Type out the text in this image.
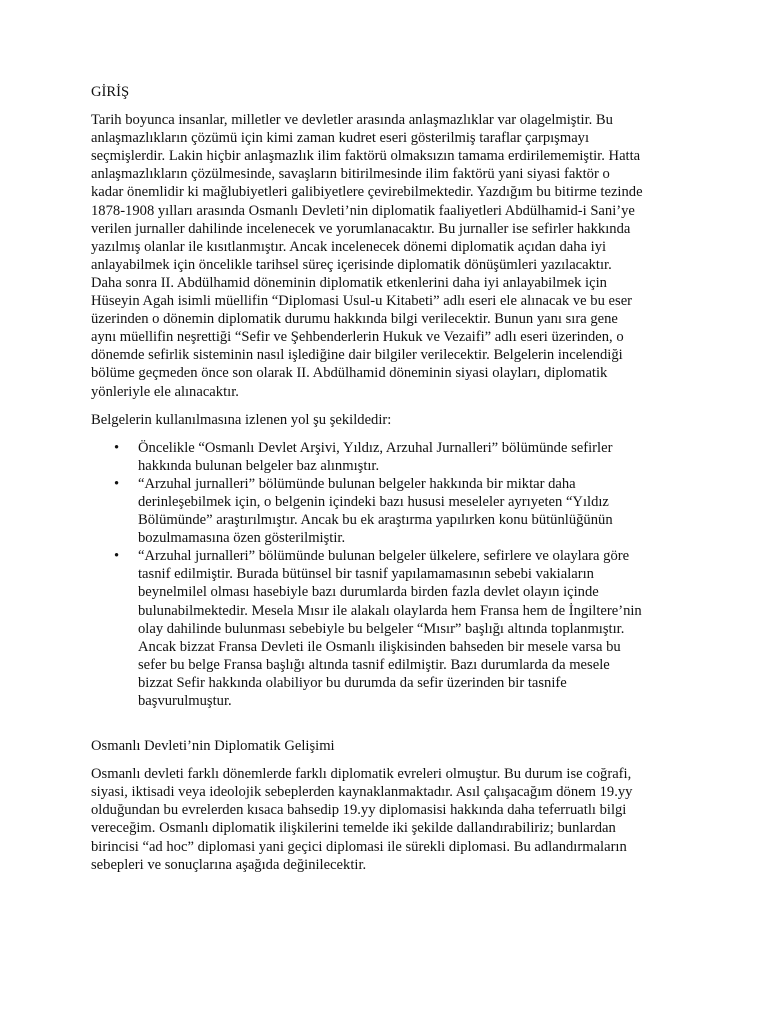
GİRİŞ
Tarih boyunca insanlar, milletler ve devletler arasında anlaşmazlıklar var olagelmiştir. Bu
anlaşmazlıkların çözümü için kimi zaman kudret eseri gösterilmiş taraflar çarpışmayı
seçmişlerdir. Lakin hiçbir anlaşmazlık ilim faktörü olmaksızın tamama erdirilememiştir. Hatta
anlaşmazlıkların çözülmesinde, savaşların bitirilmesinde ilim faktörü yani siyasi faktör o
kadar önemlidir ki mağlubiyetleri galibiyetlere çevirebilmektedir. Yazdığım bu bitirme tezinde
1878-1908 yılları arasında Osmanlı Devleti’nin diplomatik faaliyetleri Abdülhamid-i Sani’ye
verilen jurnaller dahilinde incelenecek ve yorumlanacaktır. Bu jurnaller ise sefirler hakkında
yazılmış olanlar ile kısıtlanmıştır. Ancak incelenecek dönemi diplomatik açıdan daha iyi
anlayabilmek için öncelikle tarihsel süreç içerisinde diplomatik dönüşümleri yazılacaktır.
Daha sonra II. Abdülhamid döneminin diplomatik etkenlerini daha iyi anlayabilmek için
Hüseyin Agah isimli müellifin “Diplomasi Usul-u Kitabeti” adlı eseri ele alınacak ve bu eser
üzerinden o dönemin diplomatik durumu hakkında bilgi verilecektir. Bunun yanı sıra gene
aynı müellifin neşrettiği “Sefir ve Şehbenderlerin Hukuk ve Vezaifi” adlı eseri üzerinden, o
dönemde sefirlik sisteminin nasıl işlediğine dair bilgiler verilecektir. Belgelerin incelendiği
bölüme geçmeden önce son olarak II. Abdülhamid döneminin siyasi olayları, diplomatik
yönleriyle ele alınacaktır.
Belgelerin kullanılmasına izlenen yol şu şekildedir:
• Öncelikle “Osmanlı Devlet Arşivi, Yıldız, Arzuhal Jurnalleri” bölümünde sefirler
hakkında bulunan belgeler baz alınmıştır.
• “Arzuhal jurnalleri” bölümünde bulunan belgeler hakkında bir miktar daha
derinleşebilmek için, o belgenin içindeki bazı hususi meseleler ayrıyeten “Yıldız
Bölümünde” araştırılmıştır. Ancak bu ek araştırma yapılırken konu bütünlüğünün
bozulmamasına özen gösterilmiştir.
• “Arzuhal jurnalleri” bölümünde bulunan belgeler ülkelere, sefirlere ve olaylara göre
tasnif edilmiştir. Burada bütünsel bir tasnif yapılamamasının sebebi vakiaların
beynelmilel olması hasebiyle bazı durumlarda birden fazla devlet olayın içinde
bulunabilmektedir. Mesela Mısır ile alakalı olaylarda hem Fransa hem de İngiltere’nin
olay dahilinde bulunması sebebiyle bu belgeler “Mısır” başlığı altında toplanmıştır.
Ancak bizzat Fransa Devleti ile Osmanlı ilişkisinden bahseden bir mesele varsa bu
sefer bu belge Fransa başlığı altında tasnif edilmiştir. Bazı durumlarda da mesele
bizzat Sefir hakkında olabiliyor bu durumda da sefir üzerinden bir tasnife
başvurulmuştur.
Osmanlı Devleti’nin Diplomatik Gelişimi
Osmanlı devleti farklı dönemlerde farklı diplomatik evreleri olmuştur. Bu durum ise coğrafi,
siyasi, iktisadi veya ideolojik sebeplerden kaynaklanmaktadır. Asıl çalışacağım dönem 19.yy
olduğundan bu evrelerden kısaca bahsedip 19.yy diplomasisi hakkında daha teferruatlı bilgi
vereceğim. Osmanlı diplomatik ilişkilerini temelde iki şekilde dallandırabiliriz; bunlardan
birincisi “ad hoc” diplomasi yani geçici diplomasi ile sürekli diplomasi. Bu adlandırmaların
sebepleri ve sonuçlarına aşağıda değinilecektir.
